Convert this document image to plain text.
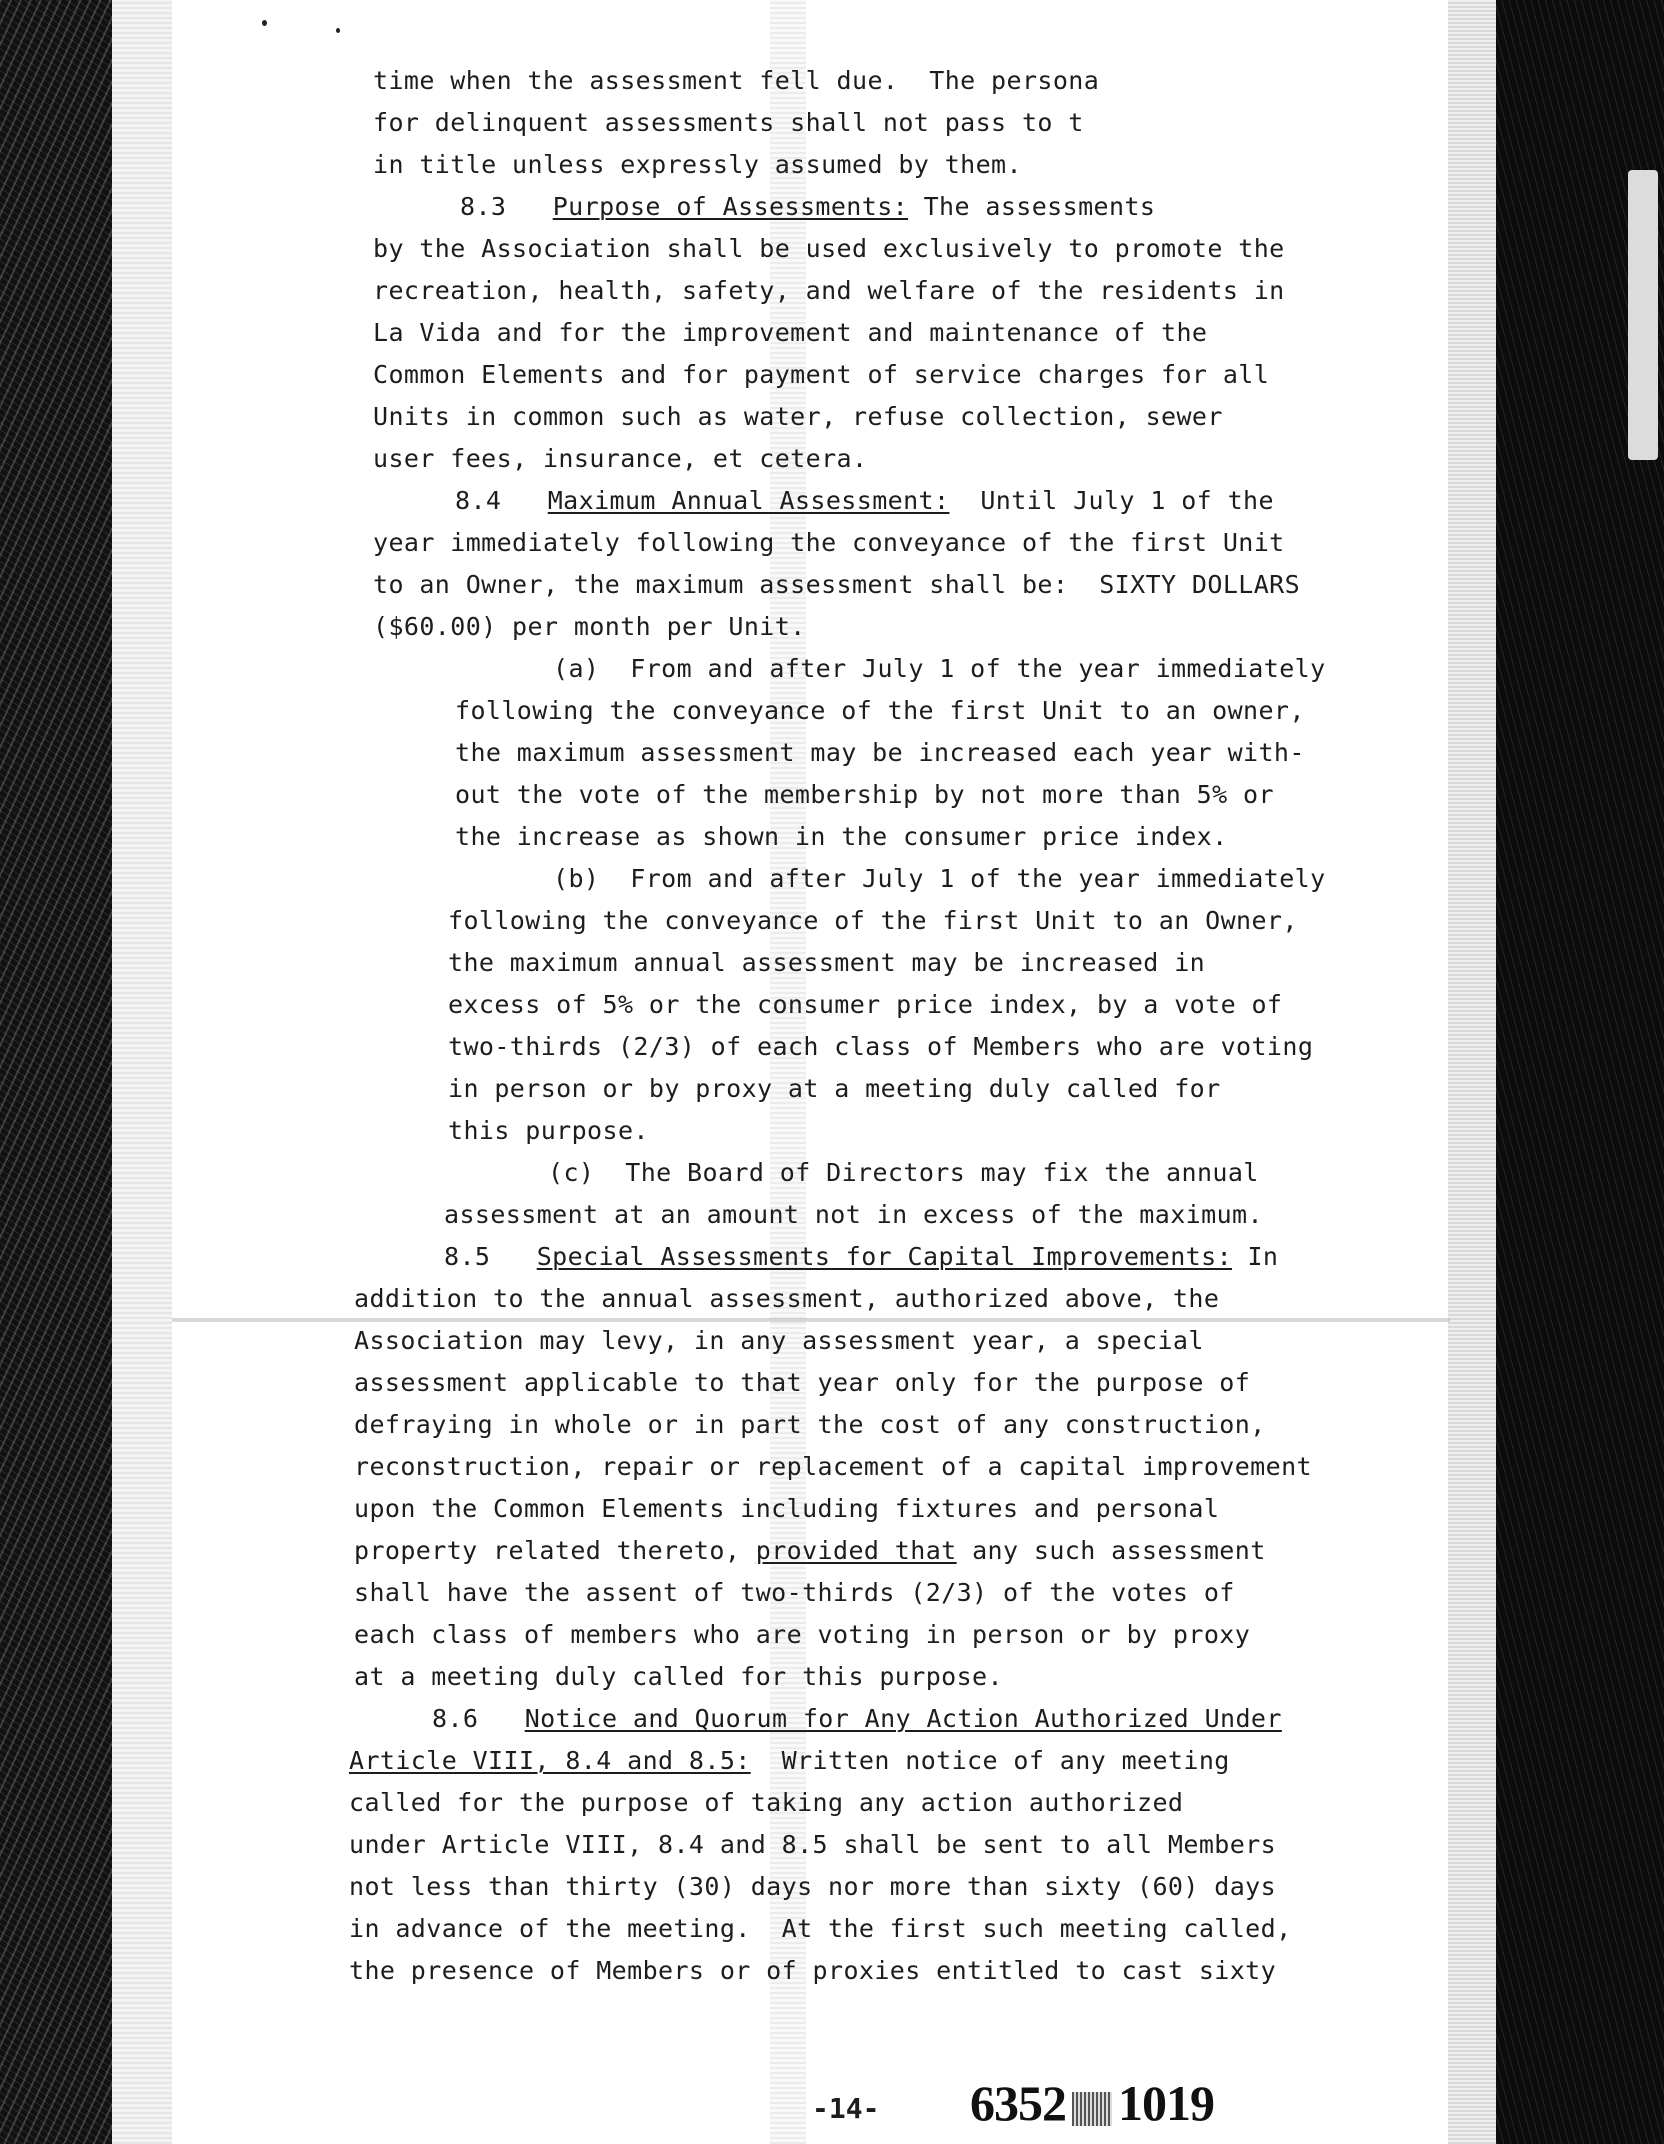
time when the assessment fell due.  The persona
for delinquent assessments shall not pass to t
in title unless expressly assumed by them.
8.3 Purpose of Assessments: The assessments
by the Association shall be used exclusively to promote the
recreation, health, safety, and welfare of the residents in
La Vida and for the improvement and maintenance of the
Common Elements and for payment of service charges for all
Units in common such as water, refuse collection, sewer
user fees, insurance, et cetera.
8.4 Maximum Annual Assessment: Until July 1 of the
year immediately following the conveyance of the first Unit
to an Owner, the maximum assessment shall be:  SIXTY DOLLARS
($60.00) per month per Unit.
(a)  From and after July 1 of the year immediately
following the conveyance of the first Unit to an owner,
the maximum assessment may be increased each year with-
out the vote of the membership by not more than 5% or
the increase as shown in the consumer price index.
(b)  From and after July 1 of the year immediately
following the conveyance of the first Unit to an Owner,
the maximum annual assessment may be increased in
excess of 5% or the consumer price index, by a vote of
two-thirds (2/3) of each class of Members who are voting
in person or by proxy at a meeting duly called for
this purpose.
(c)  The Board of Directors may fix the annual
assessment at an amount not in excess of the maximum.
8.5 Special Assessments for Capital Improvements: In
addition to the annual assessment, authorized above, the
Association may levy, in any assessment year, a special
assessment applicable to that year only for the purpose of
defraying in whole or in part the cost of any construction,
reconstruction, repair or replacement of a capital improvement
upon the Common Elements including fixtures and personal
property related thereto, provided that any such assessment
shall have the assent of two-thirds (2/3) of the votes of
each class of members who are voting in person or by proxy
at a meeting duly called for this purpose.
8.6 Notice and Quorum for Any Action Authorized Under
Article VIII, 8.4 and 8.5: Written notice of any meeting
called for the purpose of taking any action authorized
under Article VIII, 8.4 and 8.5 shall be sent to all Members
not less than thirty (30) days nor more than sixty (60) days
in advance of the meeting.  At the first such meeting called,
the presence of Members or of proxies entitled to cast sixty
-14- 6352 1019
